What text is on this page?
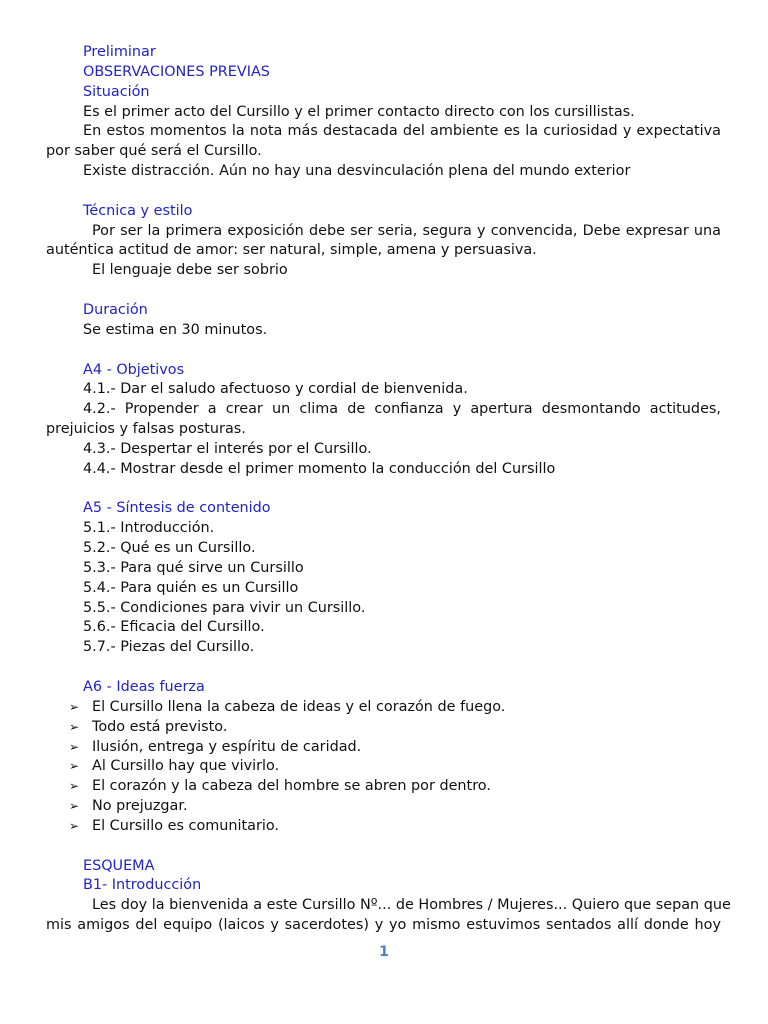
Preliminar
OBSERVACIONES PREVIAS
Situación
Es el primer acto del Cursillo y el primer contacto directo con los cursillistas.
En estos momentos la nota más destacada del ambiente es la curiosidad y expectativa
por saber qué será el Cursillo.
Existe distracción. Aún no hay una desvinculación plena del mundo exterior
Técnica y estilo
Por ser la primera exposición debe ser seria, segura y convencida, Debe expresar una
auténtica actitud de amor: ser natural, simple, amena y persuasiva.
El lenguaje debe ser sobrio
Duración
Se estima en 30 minutos.
A4 - Objetivos
4.1.- Dar el saludo afectuoso y cordial de bienvenida.
4.2.- Propender a crear un clima de confianza y apertura desmontando actitudes,
prejuicios y falsas posturas.
4.3.- Despertar el interés por el Cursillo.
4.4.- Mostrar desde el primer momento la conducción del Cursillo
A5 - Síntesis de contenido
5.1.- Introducción.
5.2.- Qué es un Cursillo.
5.3.- Para qué sirve un Cursillo
5.4.- Para quién es un Cursillo
5.5.- Condiciones para vivir un Cursillo.
5.6.- Eficacia del Cursillo.
5.7.- Piezas del Cursillo.
A6 - Ideas fuerza
➢ El Cursillo llena la cabeza de ideas y el corazón de fuego.
➢ Todo está previsto.
➢ Ilusión, entrega y espíritu de caridad.
➢ Al Cursillo hay que vivirlo.
➢ El corazón y la cabeza del hombre se abren por dentro.
➢ No prejuzgar.
➢ El Cursillo es comunitario.
ESQUEMA
B1- Introducción
Les doy la bienvenida a este Cursillo Nº... de Hombres / Mujeres... Quiero que sepan que
mis amigos del equipo (laicos y sacerdotes) y yo mismo estuvimos sentados allí donde hoy
1
